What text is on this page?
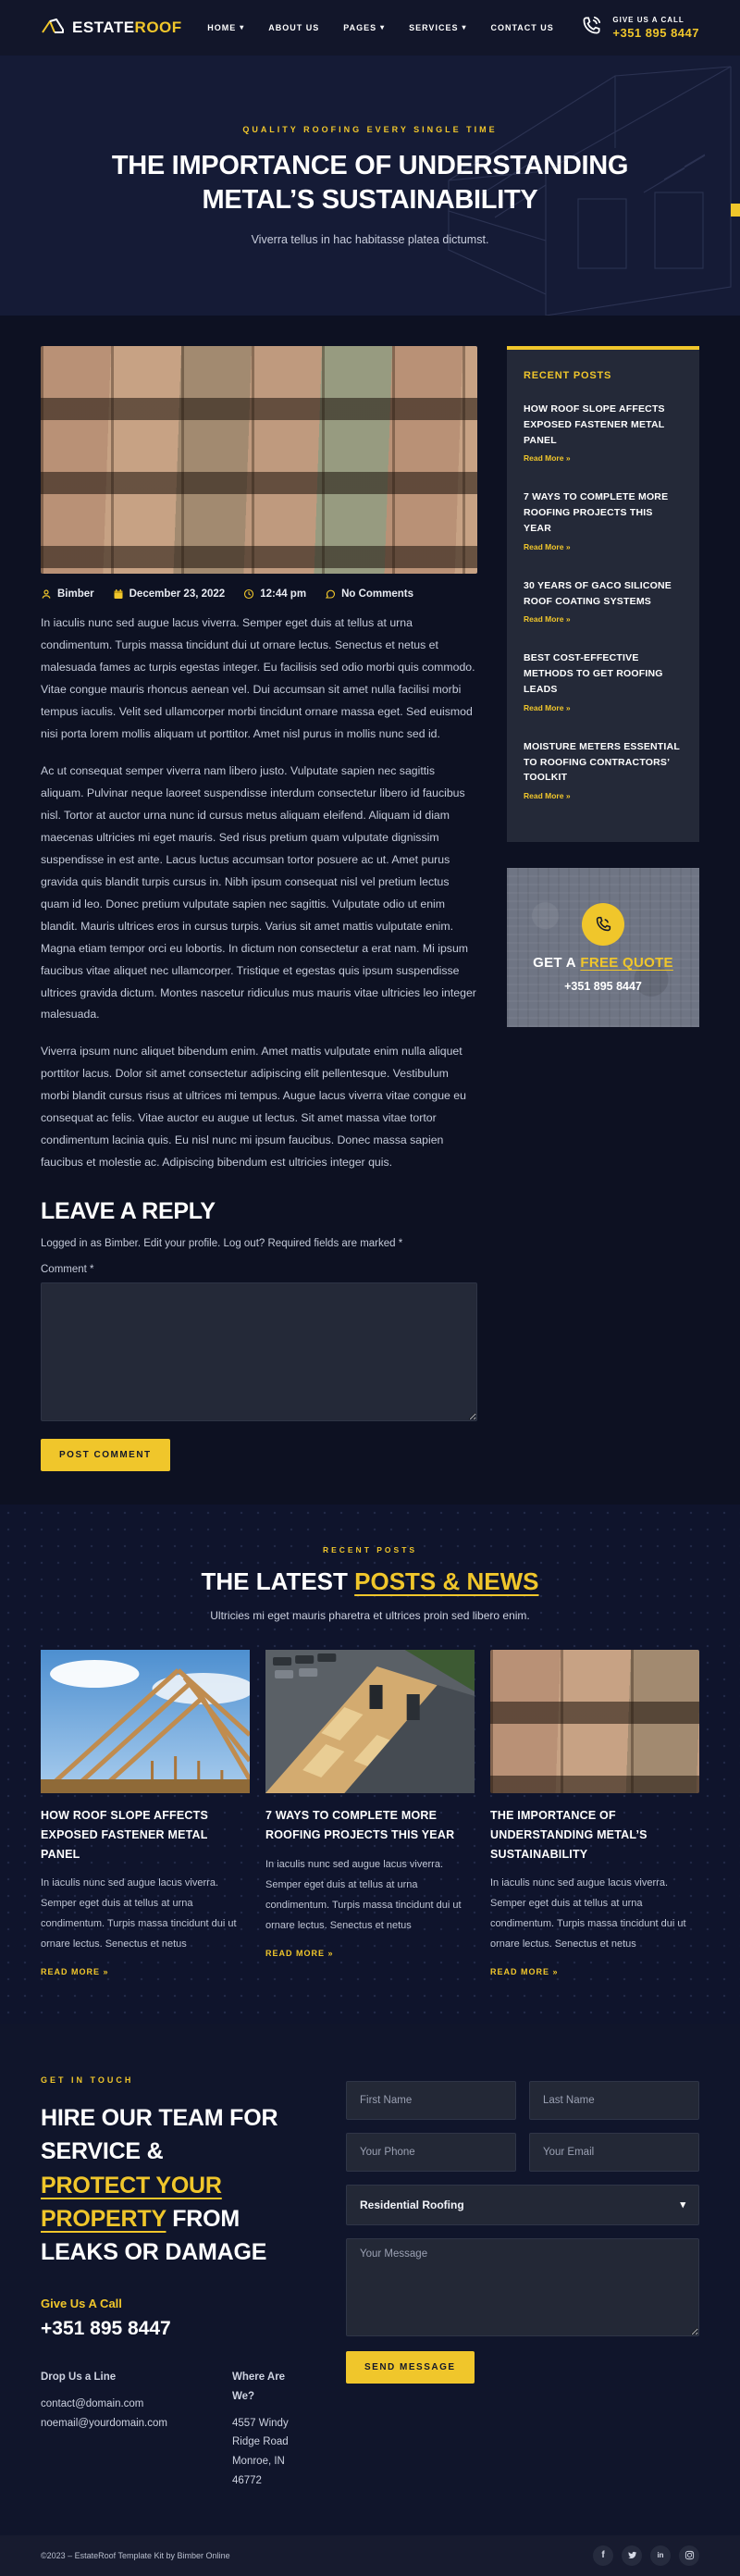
ESTATEROOF	HOME ▾	ABOUT US	PAGES ▾	SERVICES ▾	CONTACT US
GIVE US A CALL
+351 895 8447
QUALITY ROOFING EVERY SINGLE TIME
THE IMPORTANCE OF UNDERSTANDING METAL’S SUSTAINABILITY
Viverra tellus in hac habitasse platea dictumst.
Bimber	December 23, 2022	12:44 pm	No Comments

In iaculis nunc sed augue lacus viverra. Semper eget duis at tellus at urna condimentum. Turpis massa tincidunt dui ut ornare lectus. Senectus et netus et malesuada fames ac turpis egestas integer. Eu facilisis sed odio morbi quis commodo. Vitae congue mauris rhoncus aenean vel. Dui accumsan sit amet nulla facilisi morbi tempus iaculis. Velit sed ullamcorper morbi tincidunt ornare massa eget. Sed euismod nisi porta lorem mollis aliquam ut porttitor. Amet nisl purus in mollis nunc sed id.

Ac ut consequat semper viverra nam libero justo. Vulputate sapien nec sagittis aliquam. Pulvinar neque laoreet suspendisse interdum consectetur libero id faucibus nisl. Tortor at auctor urna nunc id cursus metus aliquam eleifend. Aliquam id diam maecenas ultricies mi eget mauris. Sed risus pretium quam vulputate dignissim suspendisse in est ante. Lacus luctus accumsan tortor posuere ac ut. Amet purus gravida quis blandit turpis cursus in. Nibh ipsum consequat nisl vel pretium lectus quam id leo. Donec pretium vulputate sapien nec sagittis. Vulputate odio ut enim blandit. Mauris ultrices eros in cursus turpis. Varius sit amet mattis vulputate enim. Magna etiam tempor orci eu lobortis. In dictum non consectetur a erat nam. Mi ipsum faucibus vitae aliquet nec ullamcorper. Tristique et egestas quis ipsum suspendisse ultrices gravida dictum. Montes nascetur ridiculus mus mauris vitae ultricies leo integer malesuada.

Viverra ipsum nunc aliquet bibendum enim. Amet mattis vulputate enim nulla aliquet porttitor lacus. Dolor sit amet consectetur adipiscing elit pellentesque. Vestibulum morbi blandit cursus risus at ultrices mi tempus. Augue lacus viverra vitae congue eu consequat ac felis. Vitae auctor eu augue ut lectus. Sit amet massa vitae tortor condimentum lacinia quis. Eu nisl nunc mi ipsum faucibus. Donec massa sapien faucibus et molestie ac. Adipiscing bibendum est ultricies integer quis.

LEAVE A REPLY
Logged in as Bimber. Edit your profile. Log out? Required fields are marked *
Comment *
POST COMMENT
RECENT POSTS
HOW ROOF SLOPE AFFECTS EXPOSED FASTENER METAL PANEL
Read More »
7 WAYS TO COMPLETE MORE ROOFING PROJECTS THIS YEAR
Read More »
30 YEARS OF GACO SILICONE ROOF COATING SYSTEMS
Read More »
BEST COST-EFFECTIVE METHODS TO GET ROOFING LEADS
Read More »
MOISTURE METERS ESSENTIAL TO ROOFING CONTRACTORS’ TOOLKIT
Read More »
GET A FREE QUOTE
+351 895 8447
RECENT POSTS
THE LATEST POSTS & NEWS
Ultricies mi eget mauris pharetra et ultrices proin sed libero enim.
HOW ROOF SLOPE AFFECTS EXPOSED FASTENER METAL PANEL

In iaculis nunc sed augue lacus viverra. Semper eget duis at tellus at urna condimentum. Turpis massa tincidunt dui ut ornare lectus. Senectus et netus

READ MORE »
7 WAYS TO COMPLETE MORE ROOFING PROJECTS THIS YEAR

In iaculis nunc sed augue lacus viverra. Semper eget duis at tellus at urna condimentum. Turpis massa tincidunt dui ut ornare lectus. Senectus et netus

READ MORE »
THE IMPORTANCE OF UNDERSTANDING METAL’S SUSTAINABILITY

In iaculis nunc sed augue lacus viverra. Semper eget duis at tellus at urna condimentum. Turpis massa tincidunt dui ut ornare lectus. Senectus et netus

READ MORE »
GET IN TOUCH
HIRE OUR TEAM FOR SERVICE &
PROTECT YOUR PROPERTY FROM
LEAKS OR DAMAGE
Give Us A Call
+351 895 8447
Drop Us a Line
contact@domain.com
noemail@yourdomain.com
Where Are We?
4557 Windy Ridge Road
Monroe, IN 46772
First Name
Last Name
Your Phone
Your Email
Residential Roofing
▾
Your Message
SEND MESSAGE
©2023 – EstateRoof Template Kit by Bimber Online	f	in
